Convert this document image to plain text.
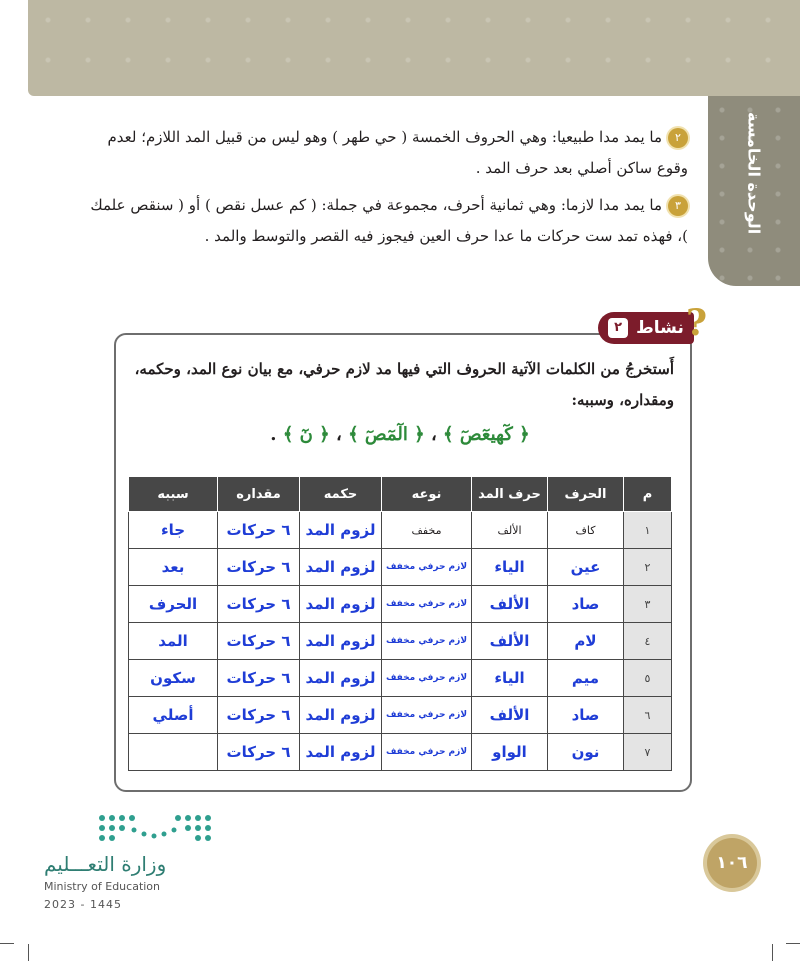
الوحدة الخامسة
٢ما يمد مدا طبيعيا: وهي الحروف الخمسة ( حي طهر ) وهو ليس من قبيل المد اللازم؛ لعدم وقوع ساكن أصلي بعد حرف المد .
٣ما يمد مدا لازما: وهي ثمانية أحرف، مجموعة في جملة: ( كم عسل نقص ) أو ( سنقص علمك )، فهذه تمد ست حركات ما عدا حرف العين فيجوز فيه القصر والتوسط والمد .
نشاط
٢ ?
أَستخرجُ من الكلمات الآتية الحروف التي فيها مد لازم حرفي، مع بيان نوع المد، وحكمه، ومقداره، وسببه:
﴿ كٓهيعٓصٓ ﴾ ، ﴿ الٓمٓصٓ ﴾ ، ﴿ نٓ ﴾ .
م	الحرف	حرف المد	نوعه	حكمه	مقداره	سببه
١	كاف	الألف	مخفف	لزوم المد	٦ حركات	جاء
٢	عين	الياء	لازم حرفي مخفف	لزوم المد	٦ حركات	بعد
٣	صاد	الألف	لازم حرفي مخفف	لزوم المد	٦ حركات	الحرف
٤	لام	الألف	لازم حرفي مخفف	لزوم المد	٦ حركات	المد
٥	ميم	الياء	لازم حرفي مخفف	لزوم المد	٦ حركات	سكون
٦	صاد	الألف	لازم حرفي مخفف	لزوم المد	٦ حركات	أصلي
٧	نون	الواو	لازم حرفي مخفف	لزوم المد	٦ حركات	
وزارة التعـــليم
Ministry of Education
2023 - 1445
١٠٦
